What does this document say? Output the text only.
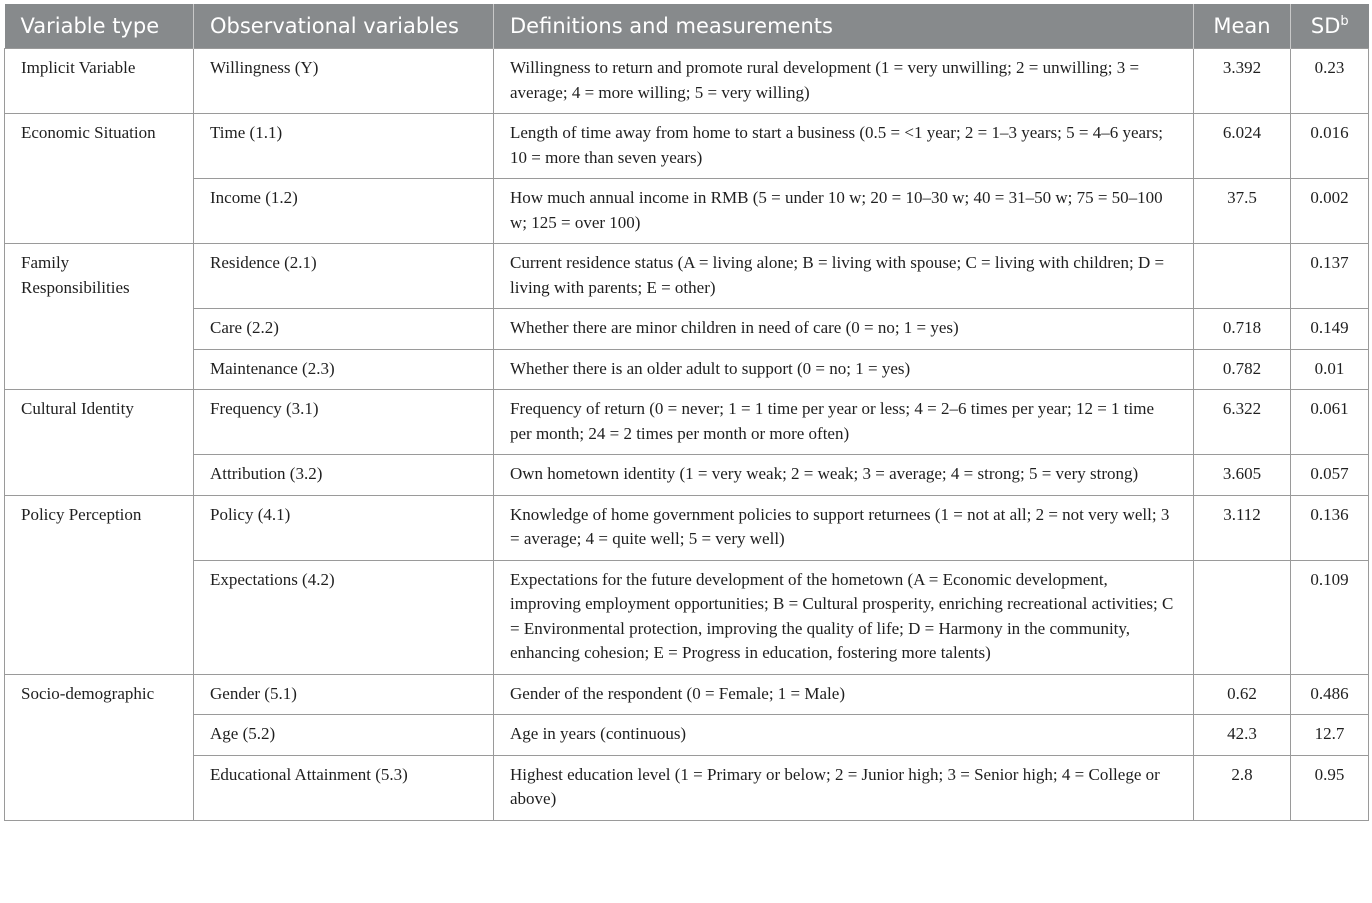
Variable type	Observational variables	Definitions and measurements	Mean	$SD^b$
Implicit Variable	Willingness (Y)	Willingness to return and promote rural development (1 = very unwilling; 2 = unwilling; 3 = average; 4 = more willing; 5 = very willing)	3.392	0.23
Economic Situation	Time (1.1)	Length of time away from home to start a business (0.5 = <1 year; 2 = 1–3 years; 5 = 4–6 years; 10 = more than seven years)	6.024	0.016
	Income (1.2)	How much annual income in RMB (5 = under 10 w; 20 = 10–30 w; 40 = 31–50 w; 75 = 50–100 w; 125 = over 100)	37.5	0.002
Family Responsibilities	Residence (2.1)	Current residence status (A = living alone; B = living with spouse; C = living with children; D = living with parents; E = other)		0.137
	Care (2.2)	Whether there are minor children in need of care (0 = no; 1 = yes)	0.718	0.149
	Maintenance (2.3)	Whether there is an older adult to support (0 = no; 1 = yes)	0.782	0.01
Cultural Identity	Frequency (3.1)	Frequency of return (0 = never; 1 = 1 time per year or less; 4 = 2–6 times per year; 12 = 1 time per month; 24 = 2 times per month or more often)	6.322	0.061
	Attribution (3.2)	Own hometown identity (1 = very weak; 2 = weak; 3 = average; 4 = strong; 5 = very strong)	3.605	0.057
Policy Perception	Policy (4.1)	Knowledge of home government policies to support returnees (1 = not at all; 2 = not very well; 3 = average; 4 = quite well; 5 = very well)	3.112	0.136
	Expectations (4.2)	Expectations for the future development of the hometown (A = Economic development, improving employment opportunities; B = Cultural prosperity, enriching recreational activities; C = Environmental protection, improving the quality of life; D = Harmony in the community, enhancing cohesion; E = Progress in education, fostering more talents)		0.109
Socio-demographic	Gender (5.1)	Gender of the respondent (0 = Female; 1 = Male)	0.62	0.486
	Age (5.2)	Age in years (continuous)	42.3	12.7
	Educational Attainment (5.3)	Highest education level (1 = Primary or below; 2 = Junior high; 3 = Senior high; 4 = College or above)	2.8	0.95
